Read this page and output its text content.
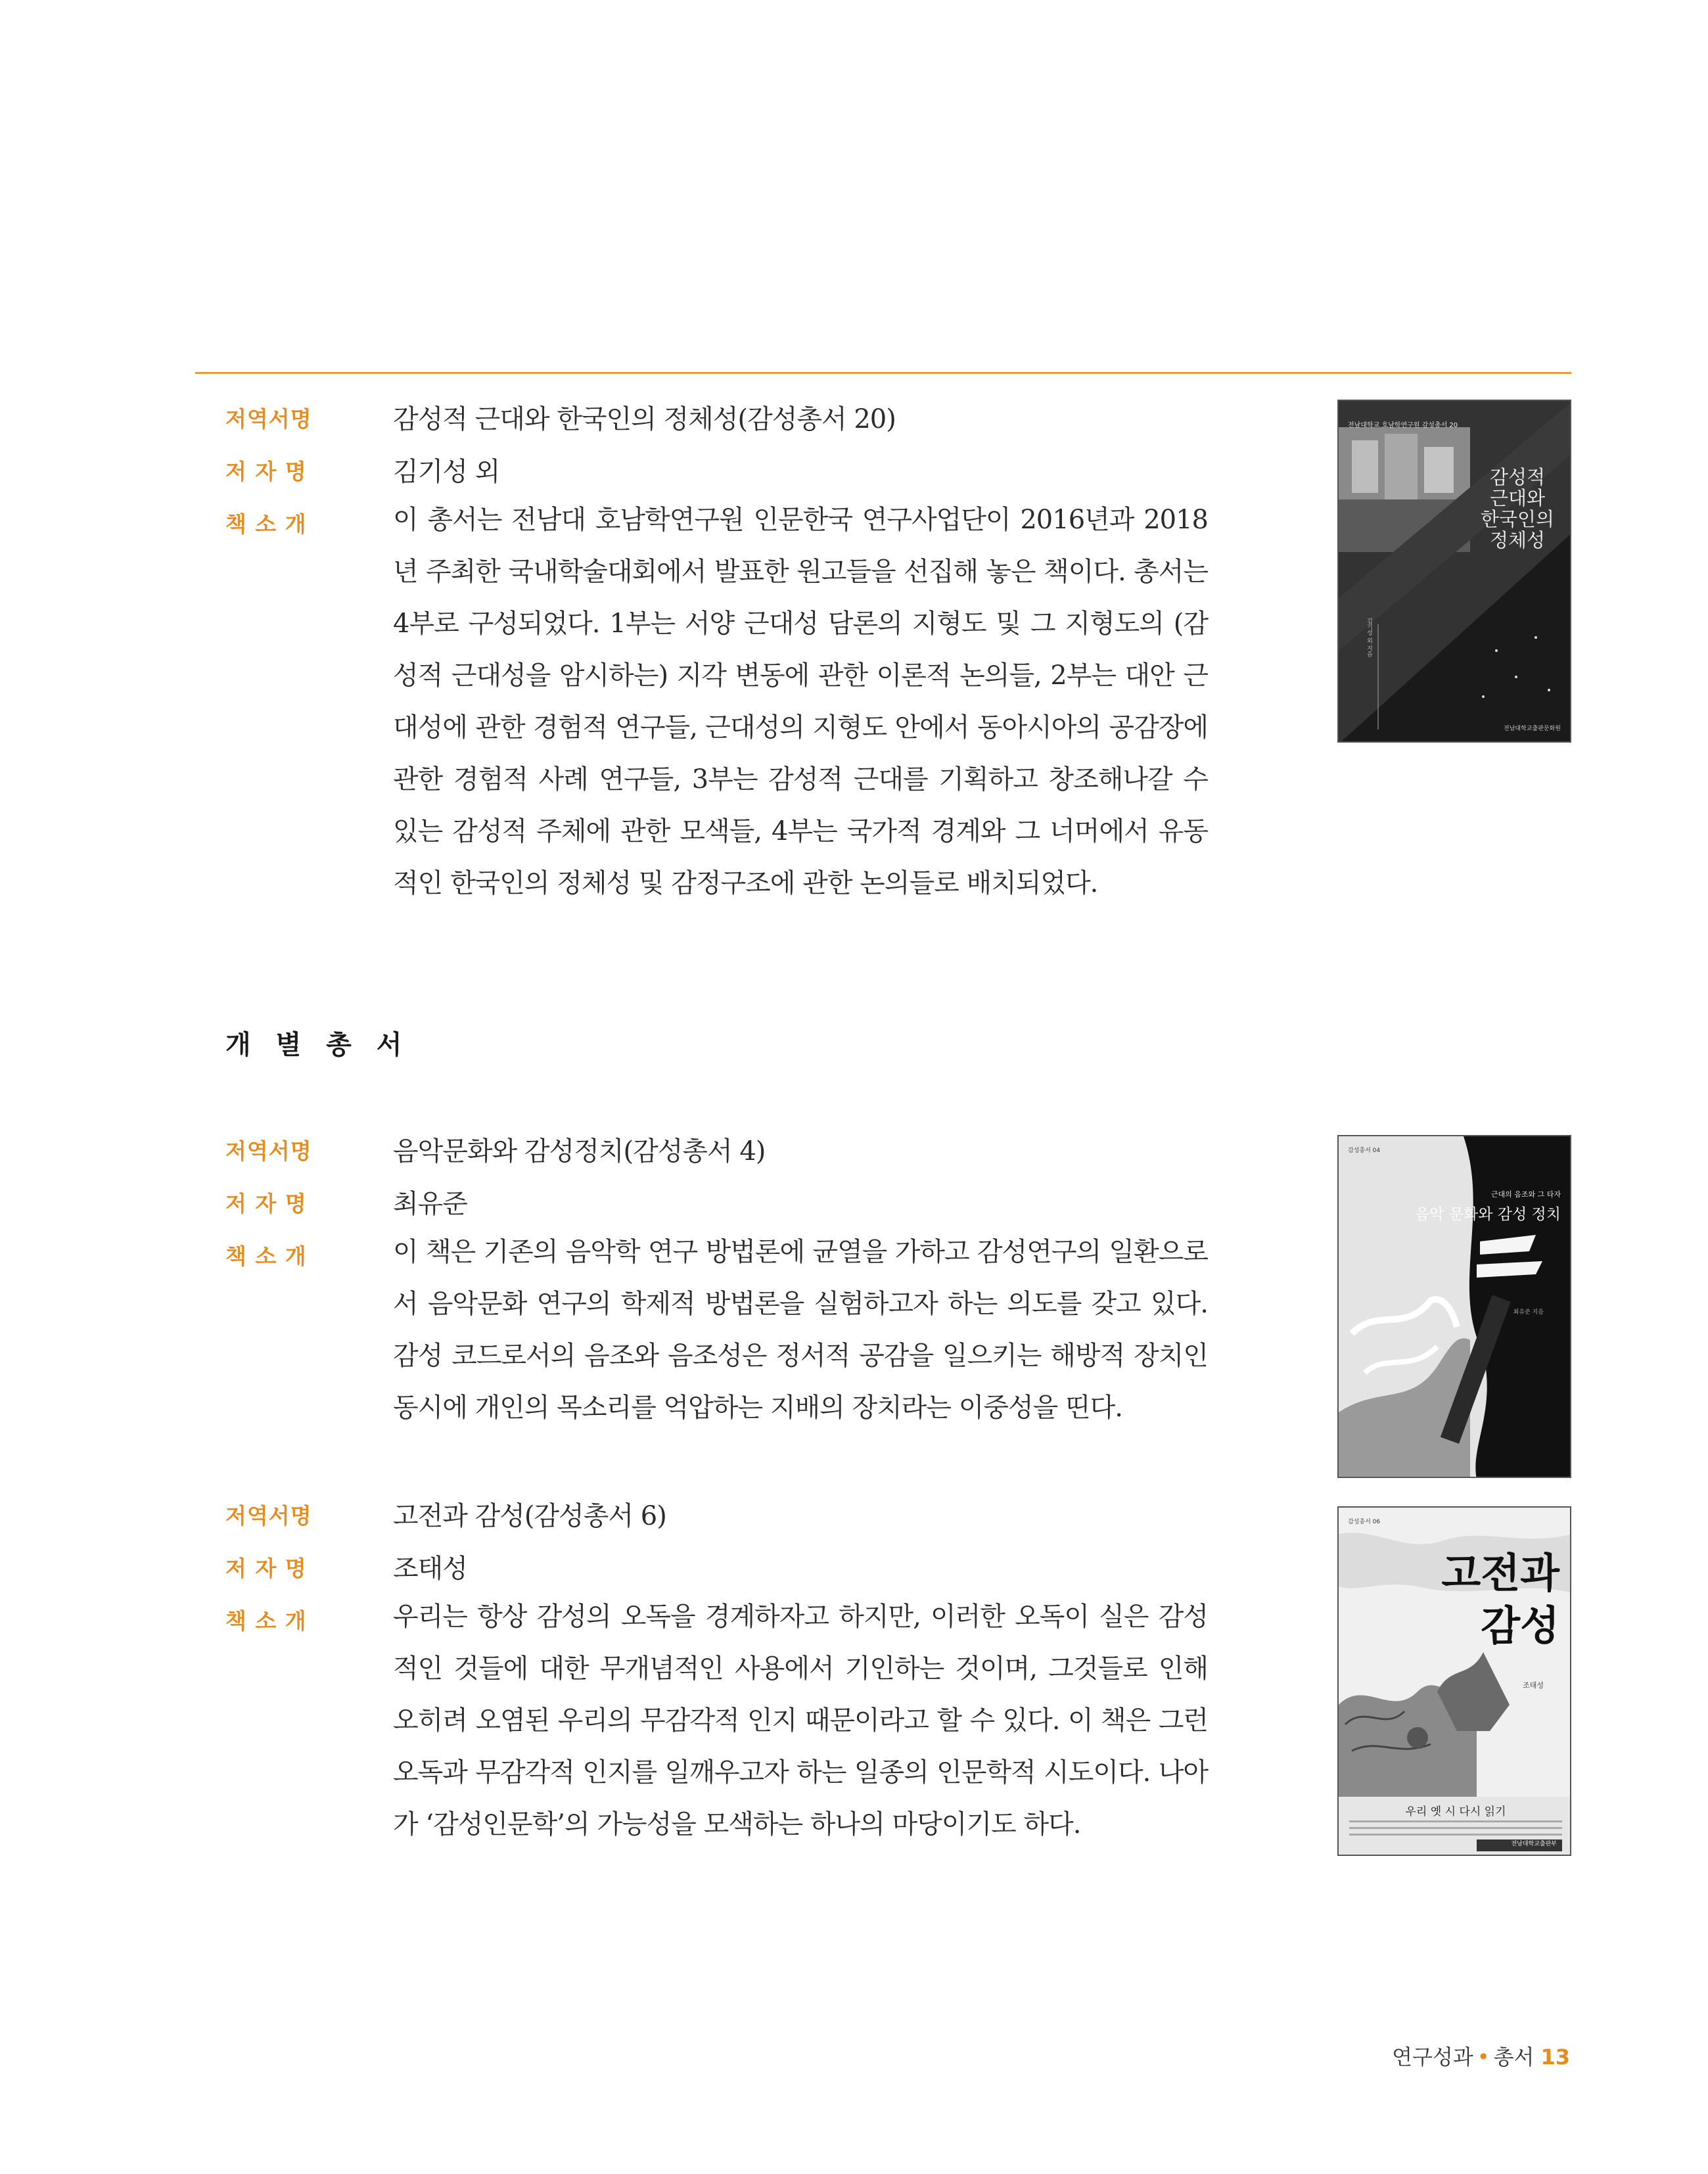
저역서명	감성적 근대와 한국인의 정체성(감성총서 20)
저 자 명	김기성 외
책 소 개	이 총서는 전남대 호남학연구원 인문한국 연구사업단이 2016년과 2018년 주최한 국내학술대회에서 발표한 원고들을 선집해 놓은 책이다. 총서는 4부로 구성되었다. 1부는 서양 근대성 담론의 지형도 및 그 지형도의 (감성적 근대성을 암시하는) 지각 변동에 관한 이론적 논의들, 2부는 대안 근대성에 관한 경험적 연구들, 근대성의 지형도 안에서 동아시아의 공감장에 관한 경험적 사례 연구들, 3부는 감성적 근대를 기획하고 창조해나갈 수 있는 감성적 주체에 관한 모색들, 4부는 국가적 경계와 그 너머에서 유동적인 한국인의 정체성 및 감정구조에 관한 논의들로 배치되었다.
전남대학교 호남학연구원 감성총서 20
감성적
근대와
한국인의
정체성
김기성 외 지음
전남대학교출판문화원
개 별 총 서
저역서명	음악문화와 감성정치(감성총서 4)
저 자 명	최유준
책 소 개	이 책은 기존의 음악학 연구 방법론에 균열을 가하고 감성연구의 일환으로서 음악문화 연구의 학제적 방법론을 실험하고자 하는 의도를 갖고 있다. 감성 코드로서의 음조와 음조성은 정서적 공감을 일으키는 해방적 장치인 동시에 개인의 목소리를 억압하는 지배의 장치라는 이중성을 띤다.
감성총서 04
근대의 음조와 그 타자
음악 문화와 감성 정치
최유준 지음
저역서명	고전과 감성(감성총서 6)
저 자 명	조태성
책 소 개	우리는 항상 감성의 오독을 경계하자고 하지만, 이러한 오독이 실은 감성적인 것들에 대한 무개념적인 사용에서 기인하는 것이며, 그것들로 인해 오히려 오염된 우리의 무감각적 인지 때문이라고 할 수 있다. 이 책은 그런 오독과 무감각적 인지를 일깨우고자 하는 일종의 인문학적 시도이다. 나아가 ‘감성인문학’의 가능성을 모색하는 하나의 마당이기도 하다.
감성총서 06
고전과
감성
조태성
우리 옛 시 다시 읽기
전남대학교출판부
연구성과 • 총서 13
